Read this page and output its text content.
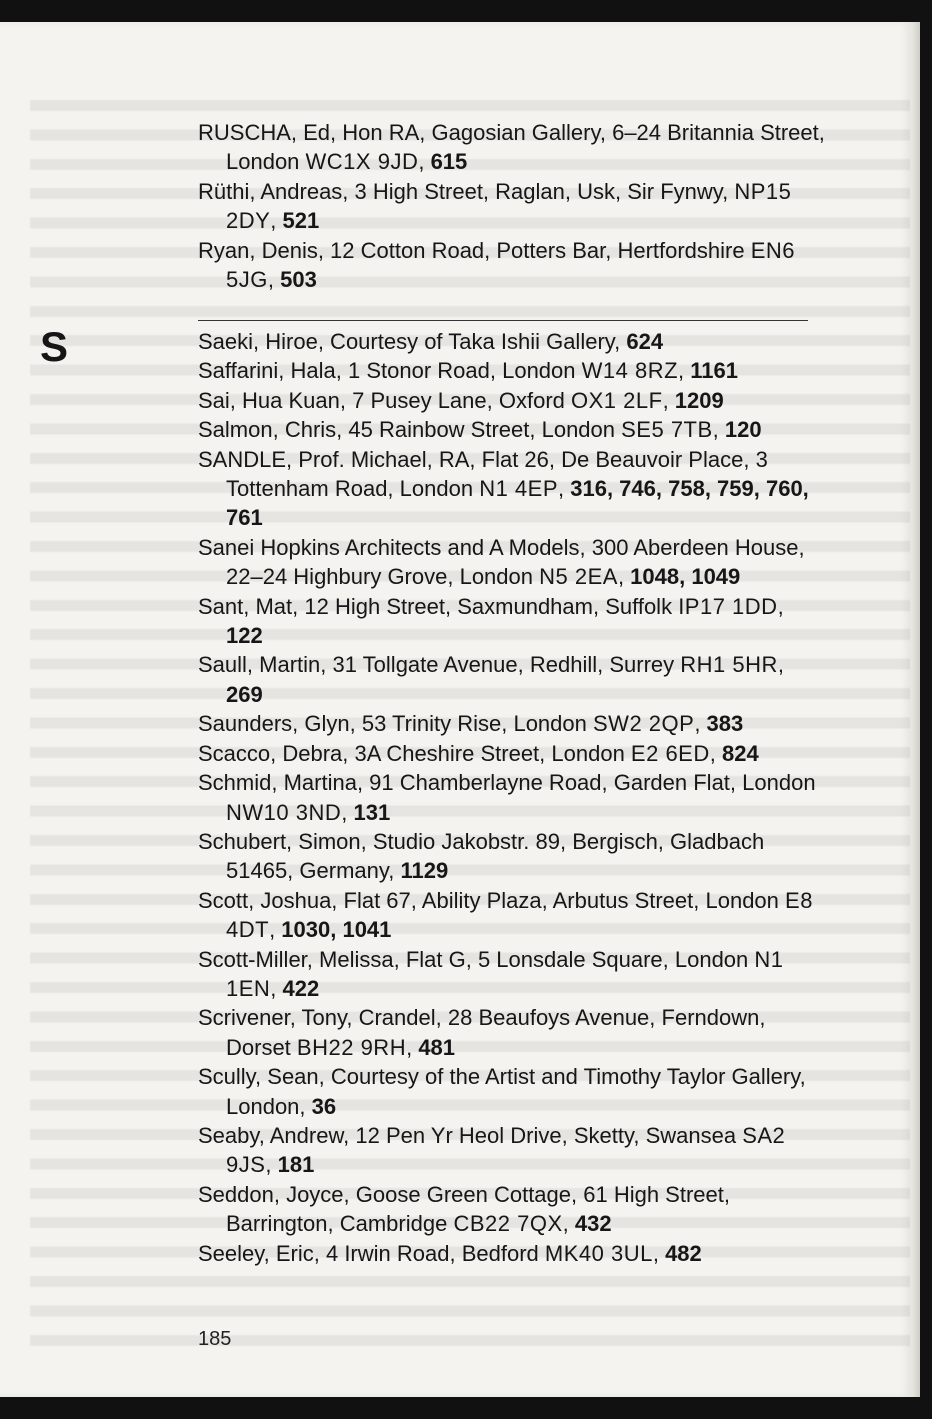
RUSCHA, Ed, Hon RA, Gagosian Gallery, 6–24 Britannia Street, London WC1X 9JD, 615

Rüthi, Andreas, 3 High Street, Raglan, Usk, Sir Fynwy, NP15 2DY, 521

Ryan, Denis, 12 Cotton Road, Potters Bar, Hertfordshire EN6 5JG, 503

S	Saeki, Hiroe, Courtesy of Taka Ishii Gallery, 624

Saffarini, Hala, 1 Stonor Road, London W14 8RZ, 1161

Sai, Hua Kuan, 7 Pusey Lane, Oxford OX1 2LF, 1209

Salmon, Chris, 45 Rainbow Street, London SE5 7TB, 120

SANDLE, Prof. Michael, RA, Flat 26, De Beauvoir Place, 3 Tottenham Road, London N1 4EP, 316, 746, 758, 759, 760, 761

Sanei Hopkins Architects and A Models, 300 Aberdeen House, 22–24 Highbury Grove, London N5 2EA, 1048, 1049

Sant, Mat, 12 High Street, Saxmundham, Suffolk IP17 1DD, 122

Saull, Martin, 31 Tollgate Avenue, Redhill, Surrey RH1 5HR, 269

Saunders, Glyn, 53 Trinity Rise, London SW2 2QP, 383

Scacco, Debra, 3A Cheshire Street, London E2 6ED, 824

Schmid, Martina, 91 Chamberlayne Road, Garden Flat, London NW10 3ND, 131

Schubert, Simon, Studio Jakobstr. 89, Bergisch, Gladbach 51465, Germany, 1129

Scott, Joshua, Flat 67, Ability Plaza, Arbutus Street, London E8 4DT, 1030, 1041

Scott-Miller, Melissa, Flat G, 5 Lonsdale Square, London N1 1EN, 422

Scrivener, Tony, Crandel, 28 Beaufoys Avenue, Ferndown, Dorset BH22 9RH, 481

Scully, Sean, Courtesy of the Artist and Timothy Taylor Gallery, London, 36

Seaby, Andrew, 12 Pen Yr Heol Drive, Sketty, Swansea SA2 9JS, 181

Seddon, Joyce, Goose Green Cottage, 61 High Street, Barrington, Cambridge CB22 7QX, 432

Seeley, Eric, 4 Irwin Road, Bedford MK40 3UL, 482

185
